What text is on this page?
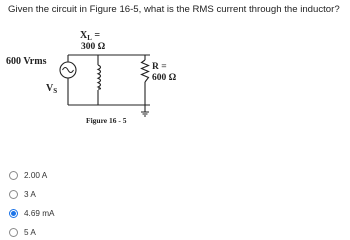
Given the circuit in Figure 16-5, what is the RMS current through the inductor?
$X_L$ =
300 Ω
600 Vrms
$V_S$
R =
600 Ω
Figure 16 - 5
2.00 A
3 A
4.69 mA
5 A
